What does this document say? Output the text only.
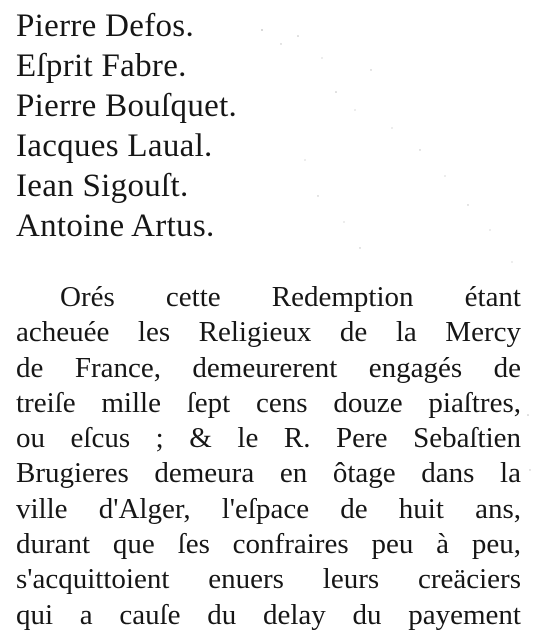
Pierre Defos.
Eſprit Fabre.
Pierre Bouſquet.
Iacques Laual.
Iean Sigouſt.
Antoine Artus.
Orés cette Redemption étant
acheuée les Religieux de la Mercy
de France, demeurerent engagés de
treiſe mille ſept cens douze piaſtres,
ou eſcus ; & le R. Pere Sebaſtien
Brugieres demeura en ôtage dans la
ville d'Alger, l'eſpace de huit ans,
durant que ſes confraires peu à peu,
s'acquittoient enuers leurs creäciers
qui a cauſe du delay du payement
